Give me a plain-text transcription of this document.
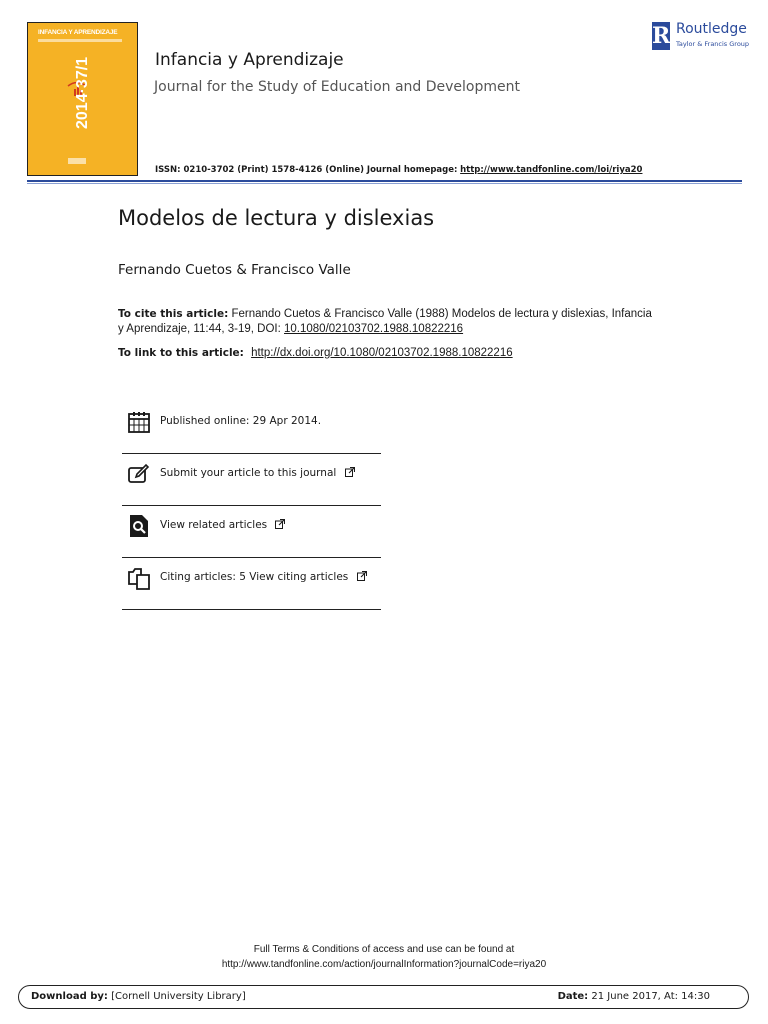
INFANCIA Y APRENDIZAJE
2014·37/1	Infancia y Aprendizaje
Journal for the Study of Education and Development
R Routledge
Taylor & Francis Group
ISSN: 0210-3702 (Print) 1578-4126 (Online) Journal homepage: http://www.tandfonline.com/loi/riya20
Modelos de lectura y dislexias
Fernando Cuetos & Francisco Valle
To cite this article: Fernando Cuetos & Francisco Valle (1988) Modelos de lectura y dislexias, Infancia y Aprendizaje, 11:44, 3-19, DOI: 10.1080/02103702.1988.10822216
To link to this article: http://dx.doi.org/10.1080/02103702.1988.10822216
Published online: 29 Apr 2014.
Submit your article to this journal
View related articles
Citing articles: 5 View citing articles
Full Terms & Conditions of access and use can be found at
http://www.tandfonline.com/action/journalInformation?journalCode=riya20
Download by: [Cornell University Library]	Date: 21 June 2017, At: 14:30
